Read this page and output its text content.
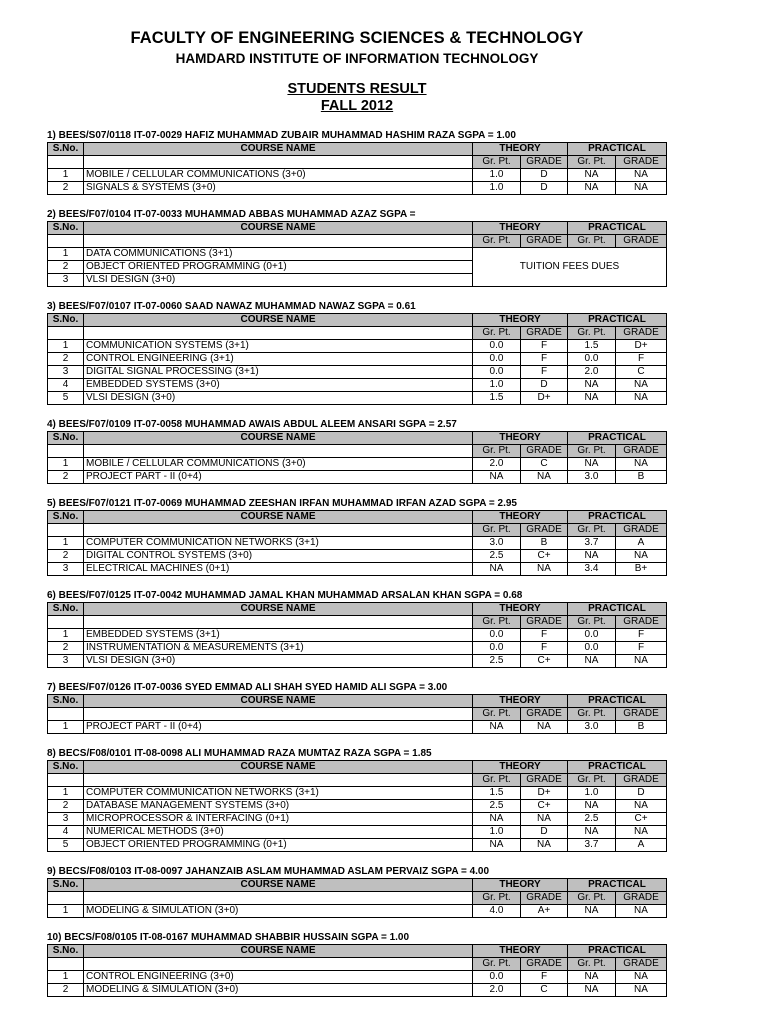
FACULTY OF ENGINEERING SCIENCES & TECHNOLOGY
HAMDARD INSTITUTE OF INFORMATION TECHNOLOGY
STUDENTS RESULT
FALL 2012
1) BEES/S07/0118 IT-07-0029 HAFIZ MUHAMMAD ZUBAIR MUHAMMAD HASHIM RAZA SGPA = 1.00
S.No.	COURSE NAME	THEORY		PRACTICAL	
		Gr. Pt.	GRADE	Gr. Pt.	GRADE
1	MOBILE / CELLULAR COMMUNICATIONS (3+0)	1.0	D	NA	NA
2	SIGNALS & SYSTEMS (3+0)	1.0	D	NA	NA
2) BEES/F07/0104 IT-07-0033 MUHAMMAD ABBAS MUHAMMAD AZAZ SGPA =
S.No.	COURSE NAME	THEORY		PRACTICAL	
		Gr. Pt.	GRADE	Gr. Pt.	GRADE
1	DATA COMMUNICATIONS (3+1)	TUITION FEES DUES			
2	OBJECT ORIENTED PROGRAMMING (0+1)				
3	VLSI DESIGN (3+0)				
3) BEES/F07/0107 IT-07-0060 SAAD NAWAZ MUHAMMAD NAWAZ SGPA = 0.61
S.No.	COURSE NAME	THEORY		PRACTICAL	
		Gr. Pt.	GRADE	Gr. Pt.	GRADE
1	COMMUNICATION SYSTEMS (3+1)	0.0	F	1.5	D+
2	CONTROL ENGINEERING (3+1)	0.0	F	0.0	F
3	DIGITAL SIGNAL PROCESSING (3+1)	0.0	F	2.0	C
4	EMBEDDED SYSTEMS (3+0)	1.0	D	NA	NA
5	VLSI DESIGN (3+0)	1.5	D+	NA	NA
4) BEES/F07/0109 IT-07-0058 MUHAMMAD AWAIS ABDUL ALEEM ANSARI SGPA = 2.57
S.No.	COURSE NAME	THEORY		PRACTICAL	
		Gr. Pt.	GRADE	Gr. Pt.	GRADE
1	MOBILE / CELLULAR COMMUNICATIONS (3+0)	2.0	C	NA	NA
2	PROJECT PART - II (0+4)	NA	NA	3.0	B
5) BEES/F07/0121 IT-07-0069 MUHAMMAD ZEESHAN IRFAN MUHAMMAD IRFAN AZAD SGPA = 2.95
S.No.	COURSE NAME	THEORY		PRACTICAL	
		Gr. Pt.	GRADE	Gr. Pt.	GRADE
1	COMPUTER COMMUNICATION NETWORKS (3+1)	3.0	B	3.7	A
2	DIGITAL CONTROL SYSTEMS (3+0)	2.5	C+	NA	NA
3	ELECTRICAL MACHINES (0+1)	NA	NA	3.4	B+
6) BEES/F07/0125 IT-07-0042 MUHAMMAD JAMAL KHAN MUHAMMAD ARSALAN KHAN SGPA = 0.68
S.No.	COURSE NAME	THEORY		PRACTICAL	
		Gr. Pt.	GRADE	Gr. Pt.	GRADE
1	EMBEDDED SYSTEMS (3+1)	0.0	F	0.0	F
2	INSTRUMENTATION & MEASUREMENTS (3+1)	0.0	F	0.0	F
3	VLSI DESIGN (3+0)	2.5	C+	NA	NA
7) BEES/F07/0126 IT-07-0036 SYED EMMAD ALI SHAH SYED HAMID ALI SGPA = 3.00
S.No.	COURSE NAME	THEORY		PRACTICAL	
		Gr. Pt.	GRADE	Gr. Pt.	GRADE
1	PROJECT PART - II (0+4)	NA	NA	3.0	B
8) BECS/F08/0101 IT-08-0098 ALI MUHAMMAD RAZA MUMTAZ RAZA SGPA = 1.85
S.No.	COURSE NAME	THEORY		PRACTICAL	
		Gr. Pt.	GRADE	Gr. Pt.	GRADE
1	COMPUTER COMMUNICATION NETWORKS (3+1)	1.5	D+	1.0	D
2	DATABASE MANAGEMENT SYSTEMS (3+0)	2.5	C+	NA	NA
3	MICROPROCESSOR & INTERFACING (0+1)	NA	NA	2.5	C+
4	NUMERICAL METHODS (3+0)	1.0	D	NA	NA
5	OBJECT ORIENTED PROGRAMMING (0+1)	NA	NA	3.7	A
9) BECS/F08/0103 IT-08-0097 JAHANZAIB ASLAM MUHAMMAD ASLAM PERVAIZ SGPA = 4.00
S.No.	COURSE NAME	THEORY		PRACTICAL	
		Gr. Pt.	GRADE	Gr. Pt.	GRADE
1	MODELING & SIMULATION (3+0)	4.0	A+	NA	NA
10) BECS/F08/0105 IT-08-0167 MUHAMMAD SHABBIR HUSSAIN SGPA = 1.00
S.No.	COURSE NAME	THEORY		PRACTICAL	
		Gr. Pt.	GRADE	Gr. Pt.	GRADE
1	CONTROL ENGINEERING (3+0)	0.0	F	NA	NA
2	MODELING & SIMULATION (3+0)	2.0	C	NA	NA
